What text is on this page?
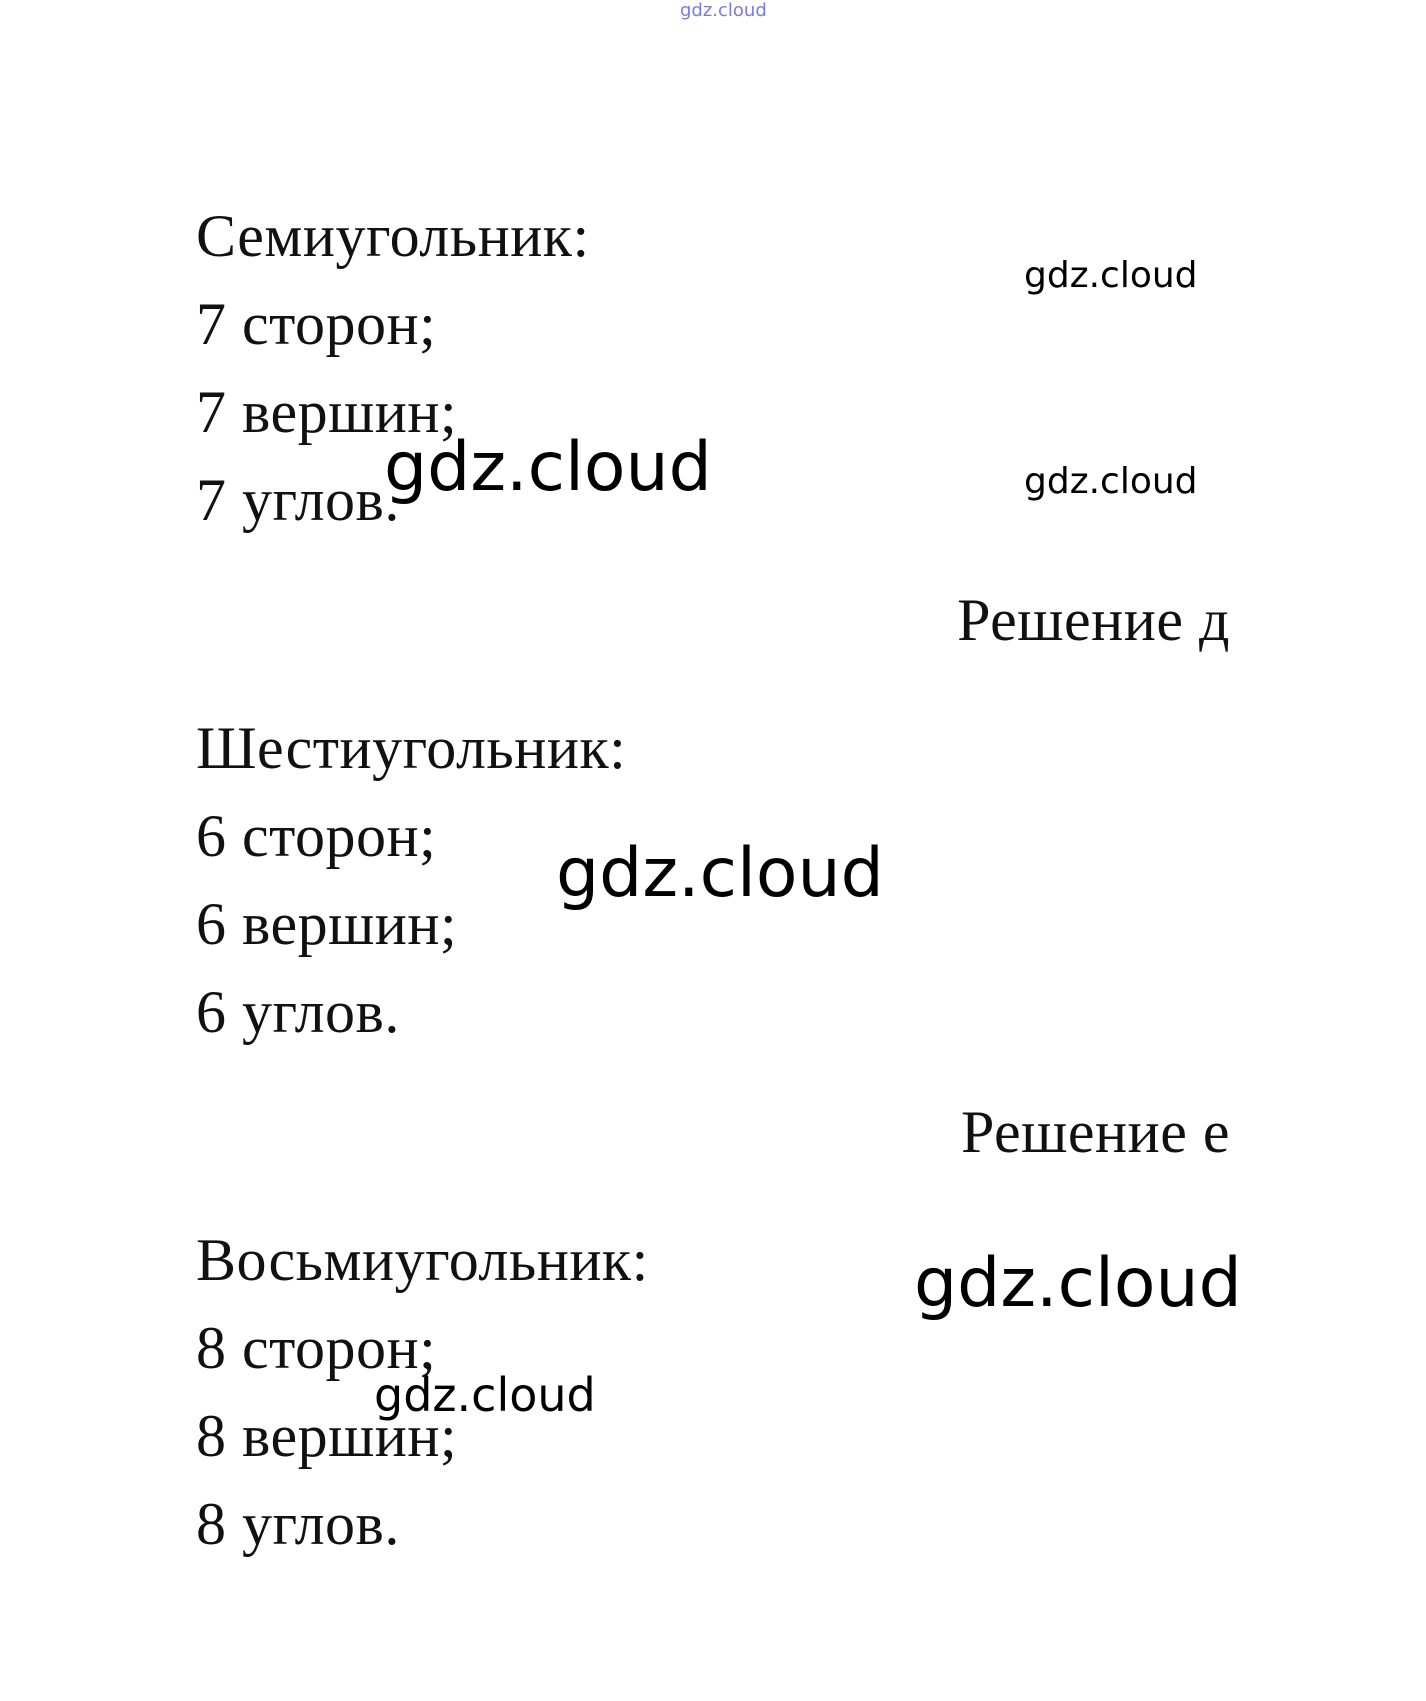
gdz.cloud
Семиугольник:
7 сторон;
7 вершин;
7 углов.
Решение д
Шестиугольник:
6 сторон;
6 вершин;
6 углов.
Решение е
Восьмиугольник:
8 сторон;
8 вершин;
8 углов.
gdz.cloud
gdz.cloud	gdz.cloud
gdz.cloud
gdz.cloud
gdz.cloud
